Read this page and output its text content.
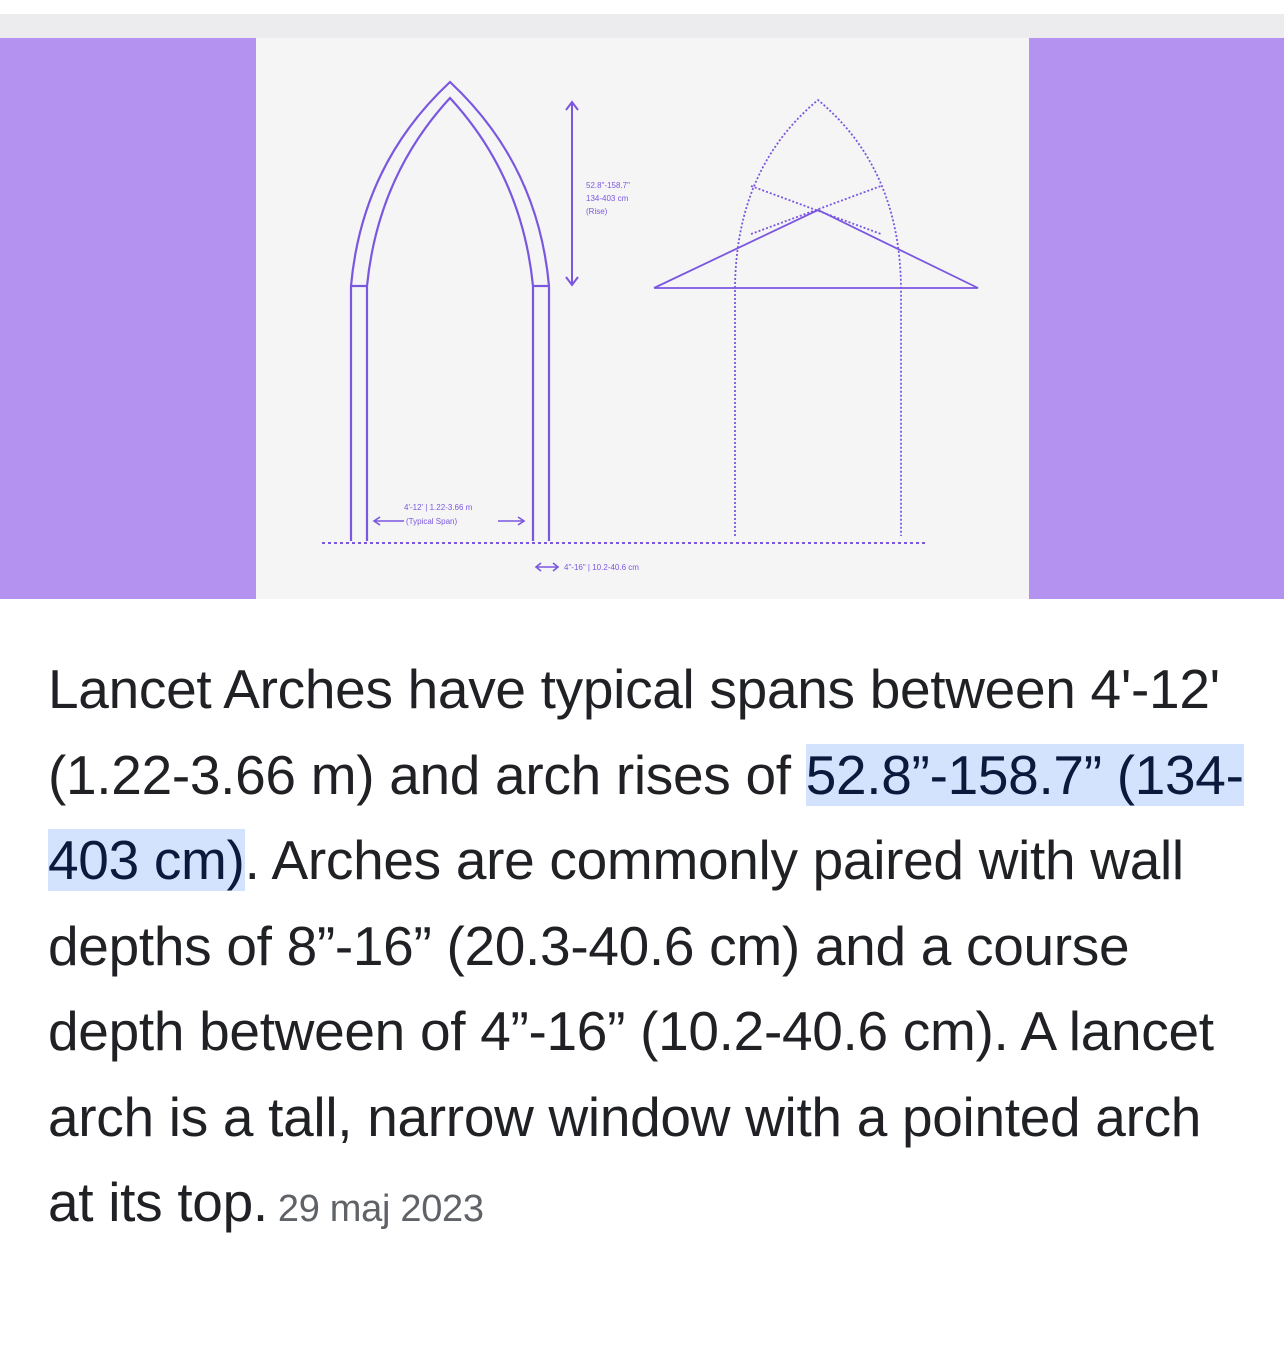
52.8"-158.7"
134-403 cm
(Rise)
4'-12' | 1.22-3.66 m
(Typical Span)
4"-16" | 10.2-40.6 cm
Lancet Arches have typical spans between 4'-12' (1.22-3.66 m) and arch rises of 52.8”-158.7” (134-403 cm). Arches are commonly paired with wall depths of 8”-16” (20.3-40.6 cm) and a course depth between of 4”-16” (10.2-40.6 cm). A lancet arch is a tall, narrow window with a pointed arch at its top. 29 maj 2023
